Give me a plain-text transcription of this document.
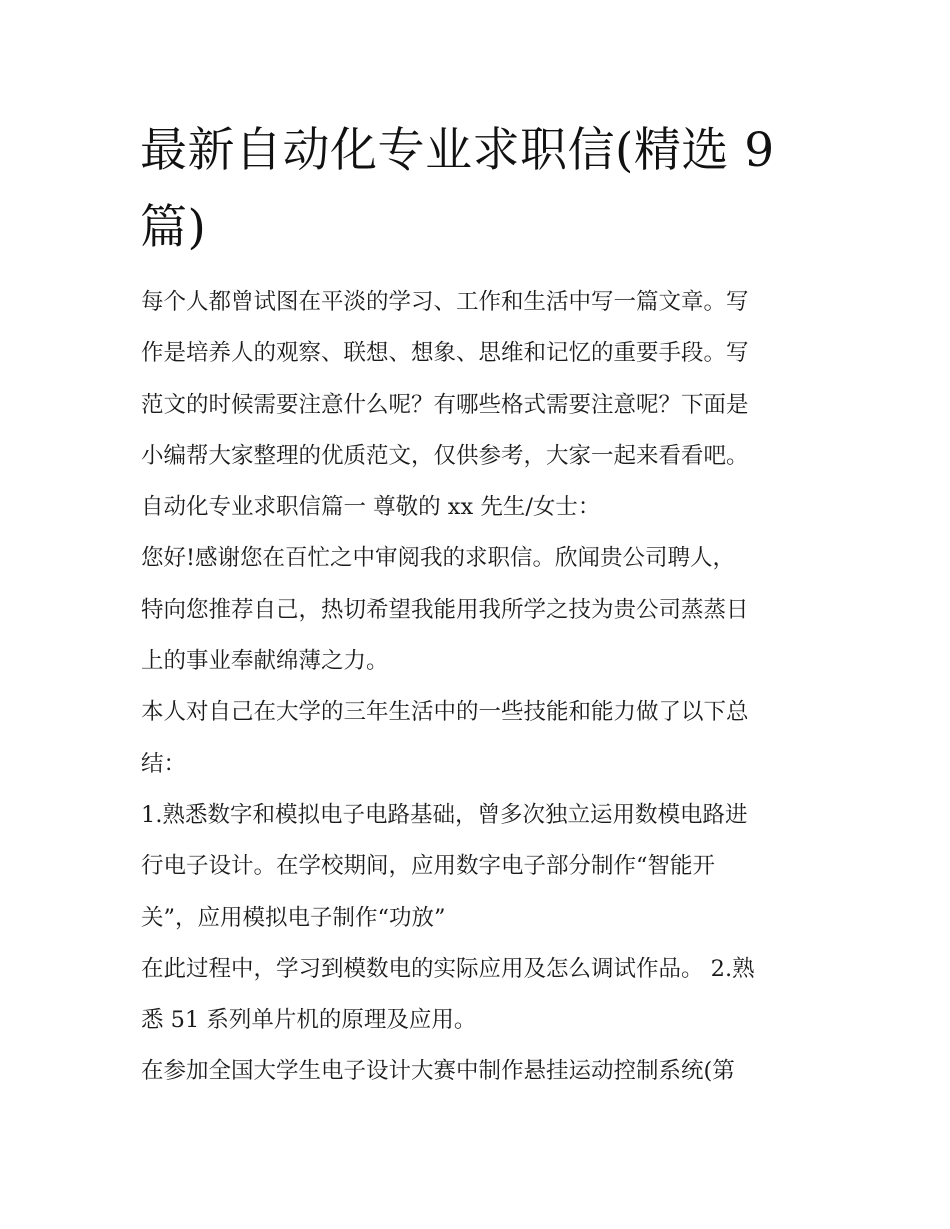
最新自动化专业求职信(精选 9
篇)

每个人都曾试图在平淡的学习、工作和生活中写一篇文章。写
作是培养人的观察、联想、想象、思维和记忆的重要手段。写
范文的时候需要注意什么呢？有哪些格式需要注意呢？下面是
小编帮大家整理的优质范文，仅供参考，大家一起来看看吧。

自动化专业求职信篇一 尊敬的 xx 先生/女士：

您好!感谢您在百忙之中审阅我的求职信。欣闻贵公司聘人，
特向您推荐自己，热切希望我能用我所学之技为贵公司蒸蒸日
上的事业奉献绵薄之力。

本人对自己在大学的三年生活中的一些技能和能力做了以下总
结：

1.熟悉数字和模拟电子电路基础，曾多次独立运用数模电路进
行电子设计。在学校期间，应用数字电子部分制作“智能开
关”，应用模拟电子制作“功放”

在此过程中，学习到模数电的实际应用及怎么调试作品。 2.熟
悉 51 系列单片机的原理及应用。

在参加全国大学生电子设计大赛中制作悬挂运动控制系统(第
